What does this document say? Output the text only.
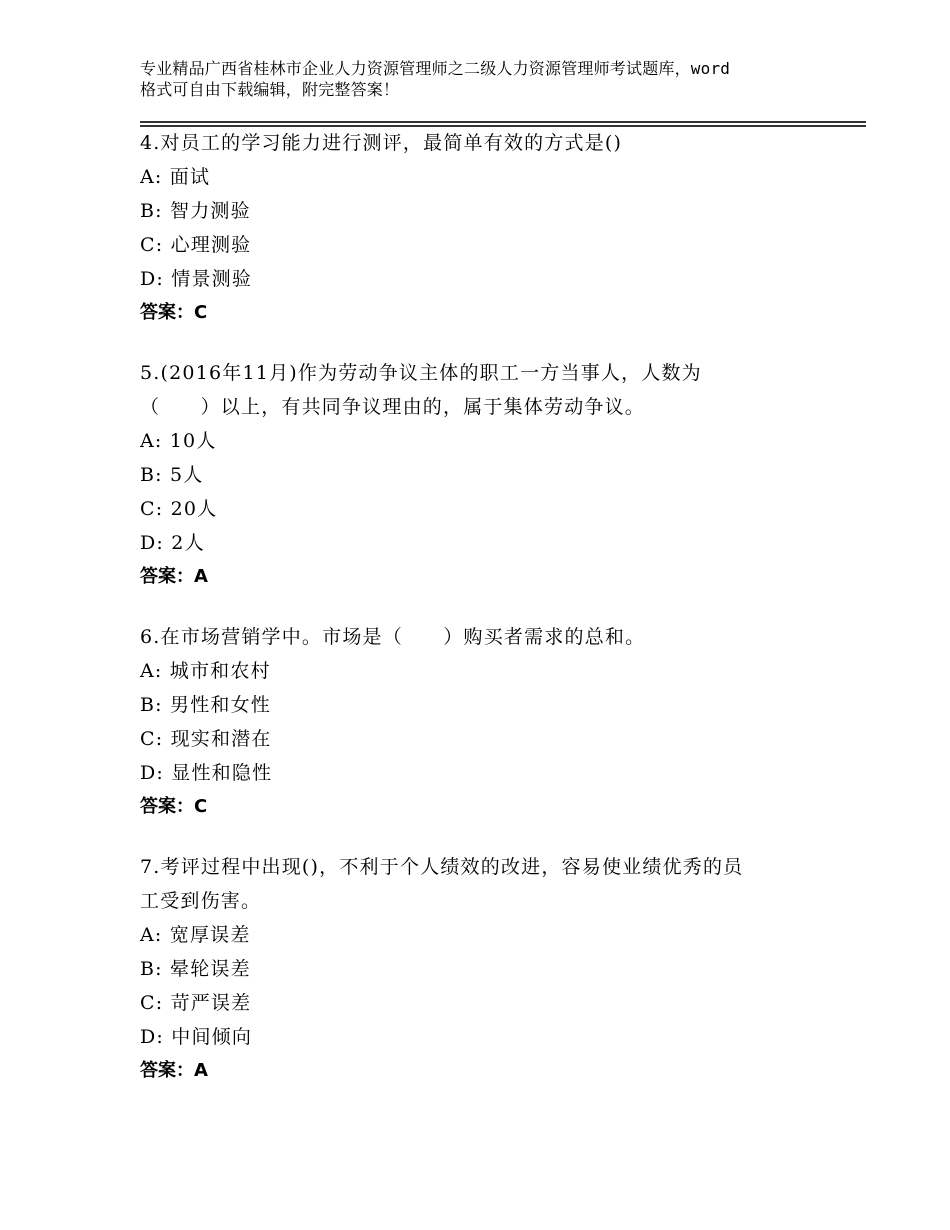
专业精品广西省桂林市企业人力资源管理师之二级人力资源管理师考试题库，word
格式可自由下载编辑，附完整答案！
4.对员工的学习能力进行测评，最简单有效的方式是()
A: 面试
B: 智力测验
C: 心理测验
D: 情景测验
答案：C
5.(2016年11月)作为劳动争议主体的职工一方当事人，人数为
（　　）以上，有共同争议理由的，属于集体劳动争议。
A: 10人
B: 5人
C: 20人
D: 2人
答案：A
6.在市场营销学中。市场是（　　）购买者需求的总和。
A: 城市和农村
B: 男性和女性
C: 现实和潜在
D: 显性和隐性
答案：C
7.考评过程中出现()，不利于个人绩效的改进，容易使业绩优秀的员
工受到伤害。
A: 宽厚误差
B: 晕轮误差
C: 苛严误差
D: 中间倾向
答案：A
